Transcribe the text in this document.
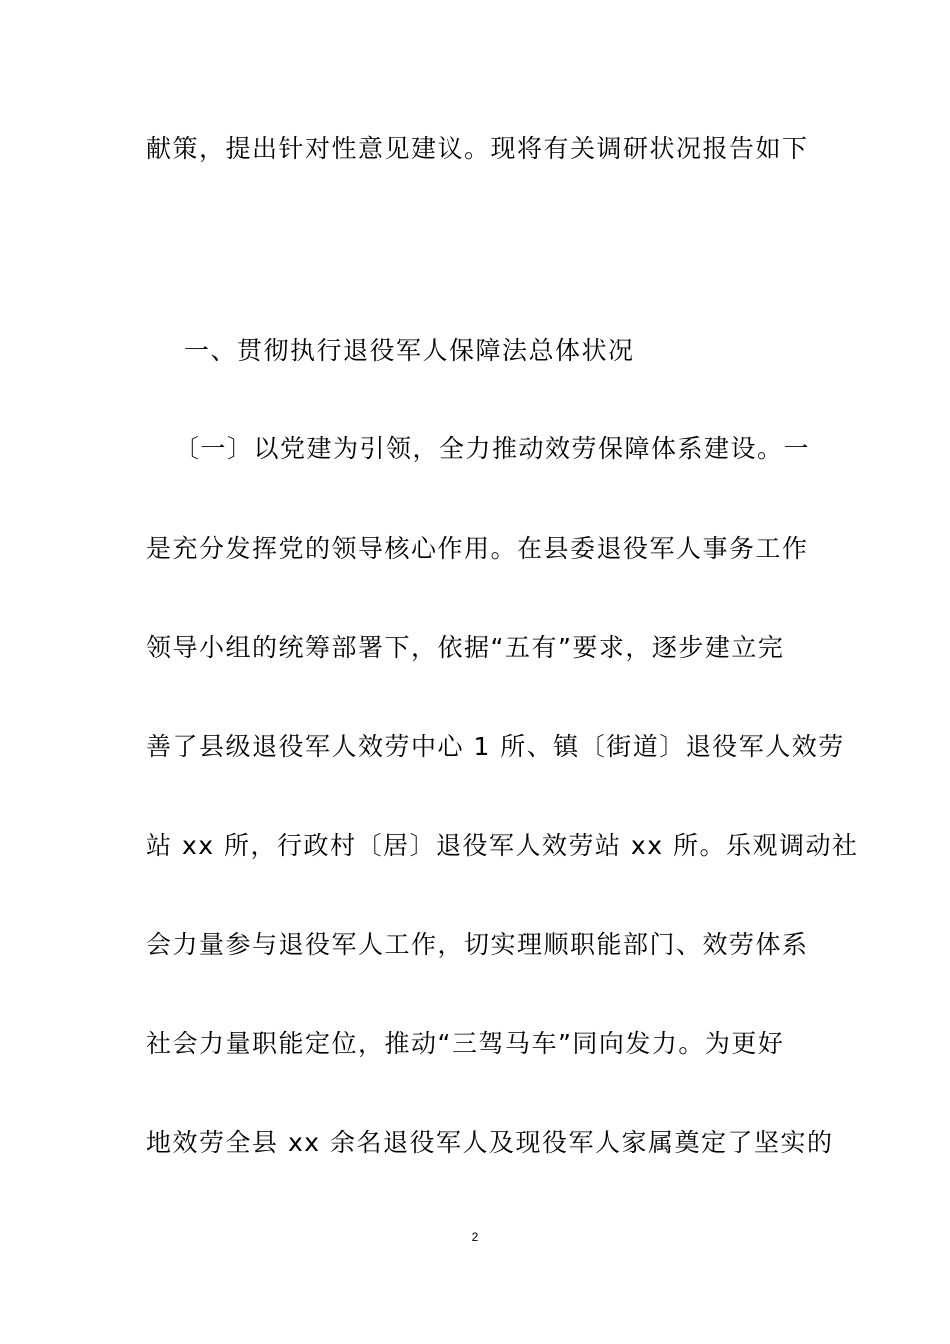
献策，提出针对性意见建议。现将有关调研状况报告如下
一、贯彻执行退役军人保障法总体状况
〔一〕以党建为引领，全力推动效劳保障体系建设。一
是充分发挥党的领导核心作用。在县委退役军人事务工作
领导小组的统筹部署下，依据“五有”要求，逐步建立完
善了县级退役军人效劳中心 1 所、镇〔街道〕退役军人效劳
站 xx 所，行政村〔居〕退役军人效劳站 xx 所。乐观调动社
会力量参与退役军人工作，切实理顺职能部门、效劳体系
社会力量职能定位，推动“三驾马车”同向发力。为更好
地效劳全县 xx 余名退役军人及现役军人家属奠定了坚实的
2
